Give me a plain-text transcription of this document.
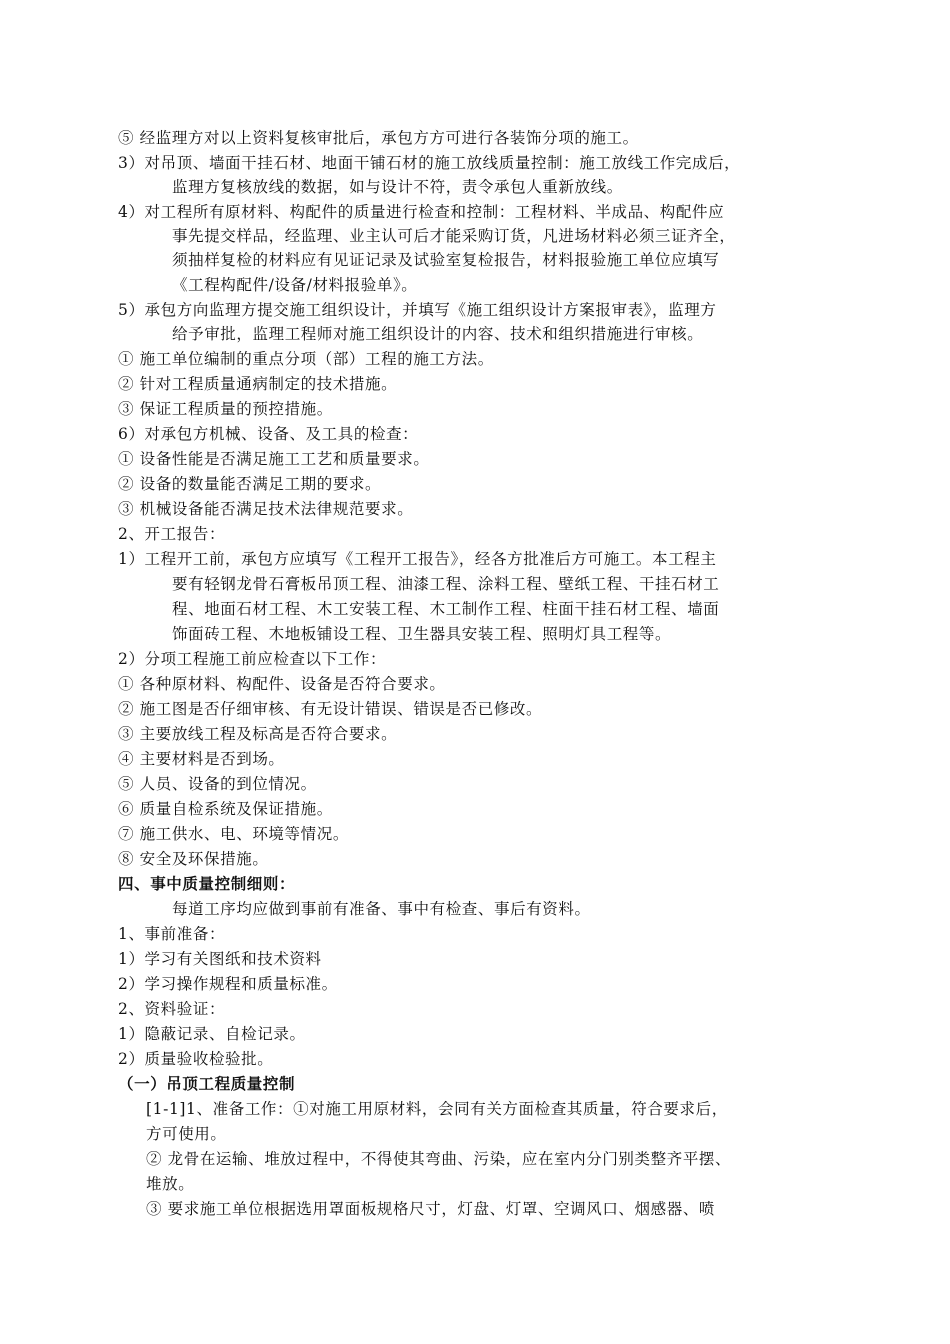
⑤ 经监理方对以上资料复核审批后，承包方方可进行各装饰分项的施工。
3）对吊顶、墙面干挂石材、地面干铺石材的施工放线质量控制：施工放线工作完成后，
监理方复核放线的数据，如与设计不符，责令承包人重新放线。
4）对工程所有原材料、构配件的质量进行检查和控制：工程材料、半成品、构配件应
事先提交样品，经监理、业主认可后才能采购订货，凡进场材料必须三证齐全，
须抽样复检的材料应有见证记录及试验室复检报告，材料报验施工单位应填写
《工程构配件/设备/材料报验单》。
5）承包方向监理方提交施工组织设计，并填写《施工组织设计方案报审表》，监理方
给予审批，监理工程师对施工组织设计的内容、技术和组织措施进行审核。
① 施工单位编制的重点分项（部）工程的施工方法。
② 针对工程质量通病制定的技术措施。
③ 保证工程质量的预控措施。
6）对承包方机械、设备、及工具的检查：
① 设备性能是否满足施工工艺和质量要求。
② 设备的数量能否满足工期的要求。
③ 机械设备能否满足技术法律规范要求。
2、开工报告：
1）工程开工前，承包方应填写《工程开工报告》，经各方批准后方可施工。本工程主
要有轻钢龙骨石膏板吊顶工程、油漆工程、涂料工程、壁纸工程、干挂石材工
程、地面石材工程、木工安装工程、木工制作工程、柱面干挂石材工程、墙面
饰面砖工程、木地板铺设工程、卫生器具安装工程、照明灯具工程等。
2）分项工程施工前应检查以下工作：
① 各种原材料、构配件、设备是否符合要求。
② 施工图是否仔细审核、有无设计错误、错误是否已修改。
③ 主要放线工程及标高是否符合要求。
④ 主要材料是否到场。
⑤ 人员、设备的到位情况。
⑥ 质量自检系统及保证措施。
⑦ 施工供水、电、环境等情况。
⑧ 安全及环保措施。
四、事中质量控制细则：
每道工序均应做到事前有准备、事中有检查、事后有资料。
1、事前准备：
1）学习有关图纸和技术资料
2）学习操作规程和质量标准。
2、资料验证：
1）隐蔽记录、自检记录。
2）质量验收检验批。
（一）吊顶工程质量控制
[1-1]1、准备工作：①对施工用原材料，会同有关方面检查其质量，符合要求后，
方可使用。
② 龙骨在运输、堆放过程中，不得使其弯曲、污染，应在室内分门别类整齐平摆、
堆放。
③ 要求施工单位根据选用罩面板规格尺寸，灯盘、灯罩、空调风口、烟感器、喷
